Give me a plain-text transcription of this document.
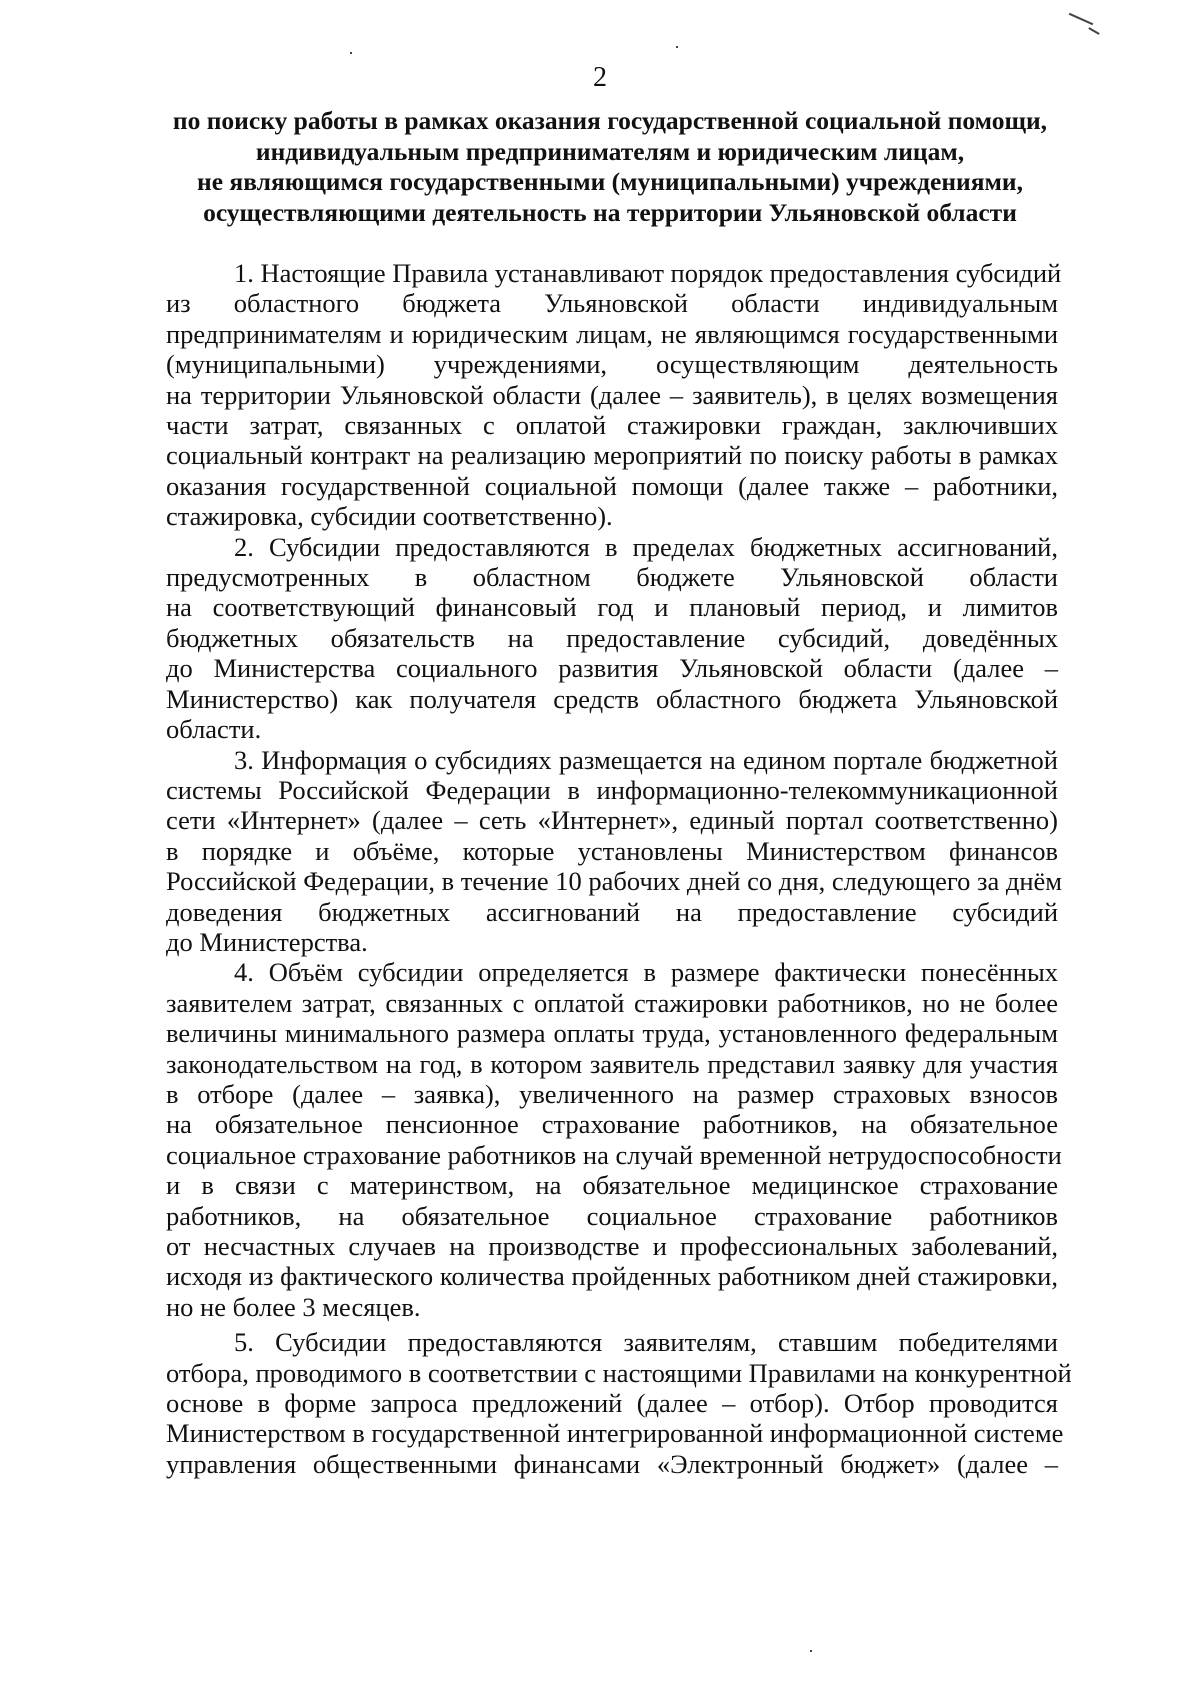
2
по поиску работы в рамках оказания государственной социальной помощи,
индивидуальным предпринимателям и юридическим лицам,
не являющимся государственными (муниципальными) учреждениями,
осуществляющими деятельность на территории Ульяновской области
1. Настоящие Правила устанавливают порядок предоставления субсидий
из областного бюджета Ульяновской области индивидуальным
предпринимателям и юридическим лицам, не являющимся государственными
(муниципальными) учреждениями, осуществляющим деятельность
на территории Ульяновской области (далее – заявитель), в целях возмещения
части затрат, связанных с оплатой стажировки граждан, заключивших
социальный контракт на реализацию мероприятий по поиску работы в рамках
оказания государственной социальной помощи (далее также – работники,
стажировка, субсидии соответственно).
2. Субсидии предоставляются в пределах бюджетных ассигнований,
предусмотренных в областном бюджете Ульяновской области
на соответствующий финансовый год и плановый период, и лимитов
бюджетных обязательств на предоставление субсидий, доведённых
до Министерства социального развития Ульяновской области (далее –
Министерство) как получателя средств областного бюджета Ульяновской
области.
3. Информация о субсидиях размещается на едином портале бюджетной
системы Российской Федерации в информационно-телекоммуникационной
сети «Интернет» (далее – сеть «Интернет», единый портал соответственно)
в порядке и объёме, которые установлены Министерством финансов
Российской Федерации, в течение 10 рабочих дней со дня, следующего за днём
доведения бюджетных ассигнований на предоставление субсидий
до Министерства.
4. Объём субсидии определяется в размере фактически понесённых
заявителем затрат, связанных с оплатой стажировки работников, но не более
величины минимального размера оплаты труда, установленного федеральным
законодательством на год, в котором заявитель представил заявку для участия
в отборе (далее – заявка), увеличенного на размер страховых взносов
на обязательное пенсионное страхование работников, на обязательное
социальное страхование работников на случай временной нетрудоспособности
и в связи с материнством, на обязательное медицинское страхование
работников, на обязательное социальное страхование работников
от несчастных случаев на производстве и профессиональных заболеваний,
исходя из фактического количества пройденных работником дней стажировки,
но не более 3 месяцев.
5. Субсидии предоставляются заявителям, ставшим победителями
отбора, проводимого в соответствии с настоящими Правилами на конкурентной
основе в форме запроса предложений (далее – отбор). Отбор проводится
Министерством в государственной интегрированной информационной системе
управления общественными финансами «Электронный бюджет» (далее –
